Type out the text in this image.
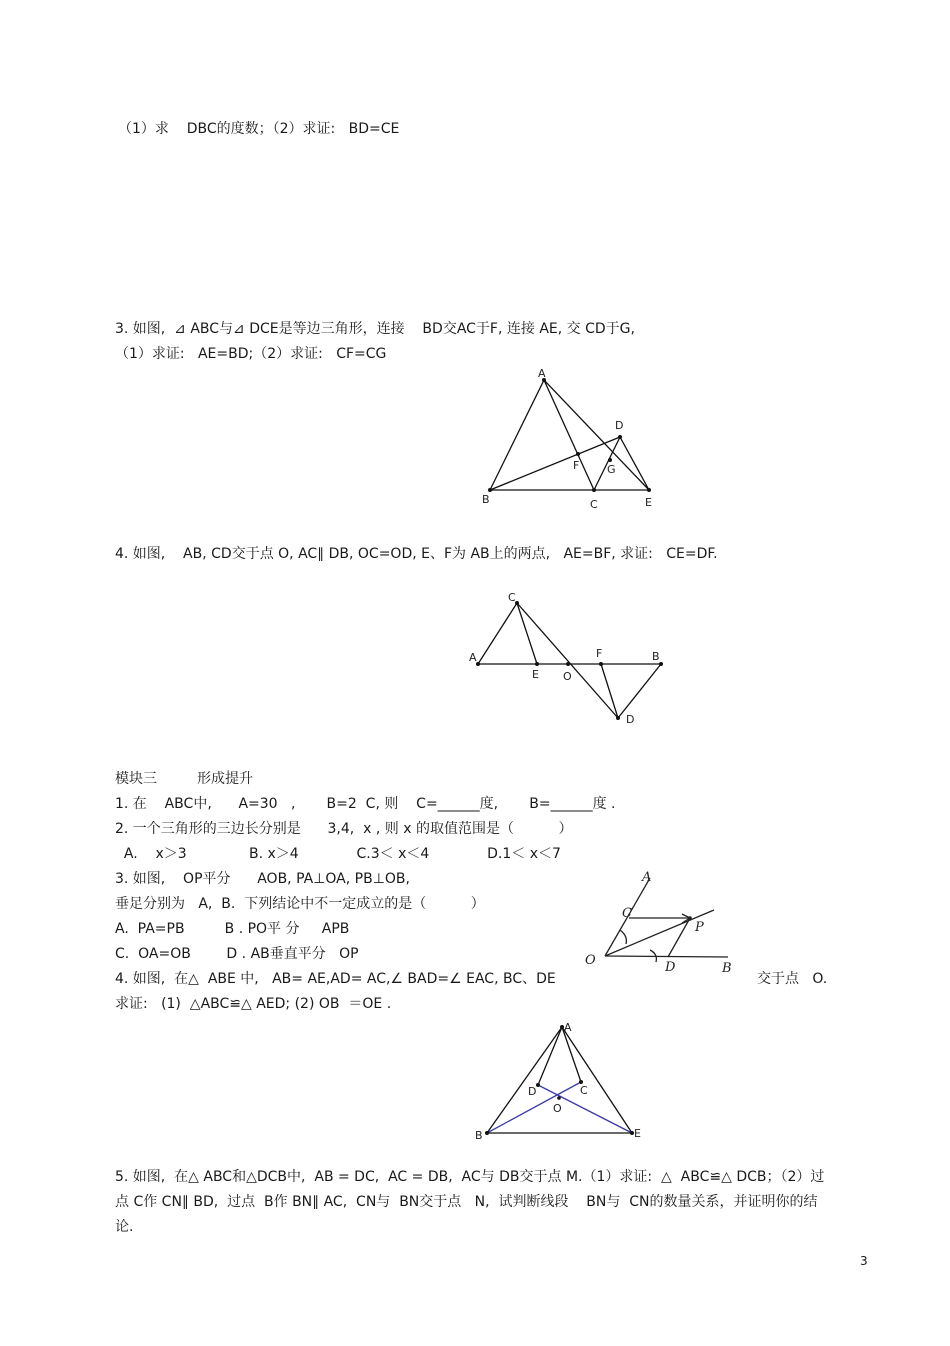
（1）求    DBC的度数；（2）求证:   BD=CE
3. 如图,  ⊿ ABC与⊿ DCE是等边三角形，连接    BD交AC于F, 连接 AE, 交 CD于G,
（1）求证:   AE=BD;（2）求证:   CF=CG
A
B	C
D
E
F	G
4. 如图,    AB, CD交于点 O, AC∥ DB, OC=OD, E、F为 AB上的两点,   AE=BF, 求证:   CE=DF.
A
C
E O
F	B
D
模块三         形成提升
1. 在    ABC中,      A=30   ,       B=2  C, 则    C=______度,       B=______度 .
2. 一个三角形的三边长分别是      3,4,  x , 则 x 的取值范围是（          ）
A.    x＞3              B. x＞4             C.3＜ x＜4             D.1＜ x＜7
3. 如图,    OP平分      AOB, PA⊥OA, PB⊥OB,
垂足分别为   A,  B.  下列结论中不一定成立的是（          ）
A.  PA=PB         B . PO平 分     APB
C.  OA=OB        D . AB垂直平分   OP
A
C
P
O	D	B
4. 如图,  在△  ABE 中,   AB= AE,AD= AC,∠ BAD=∠ EAC, BC、DE	交于点   O.
求证:   (1)  △ABC≌△ AED; (2) OB  ＝OE .
A
D	C
O
B	E
5. 如图,  在△ ABC和△DCB中,  AB = DC,  AC = DB,  AC与 DB交于点 M.（1）求证:  △  ABC≌△ DCB；（2）过
点 C作 CN∥ BD,  过点  B作 BN∥ AC,  CN与  BN交于点   N,  试判断线段    BN与  CN的数量关系，并证明你的结
论.
3
